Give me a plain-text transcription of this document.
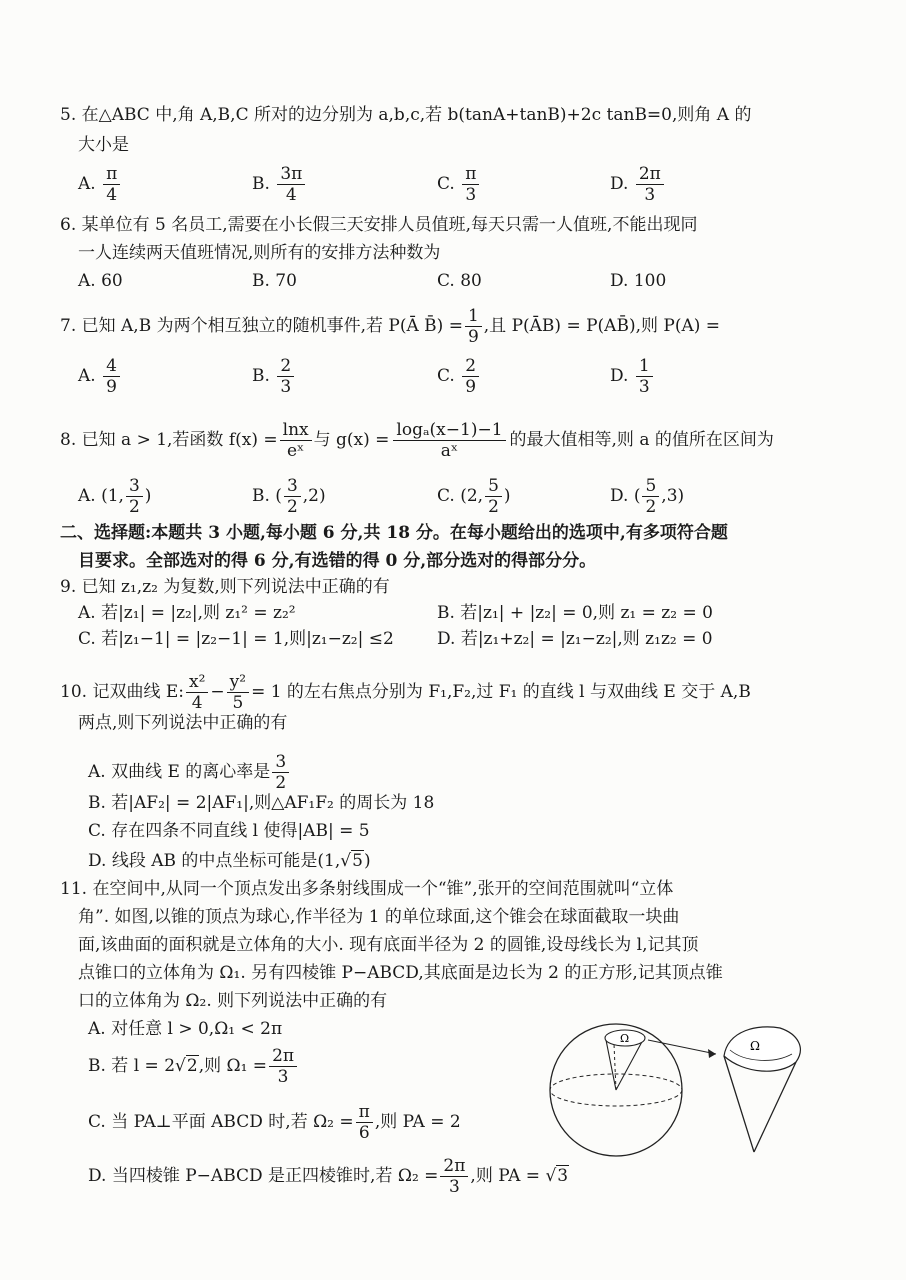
5. 在△ABC 中,角 A,B,C 所对的边分别为 a,b,c,若 b(tanA+tanB)+2c tanB=0,则角 A 的
大小是
A. $\frac{\pi}{4}$	B. $\frac{3\pi}{4}$	C. $\frac{\pi}{3}$	D. $\frac{2\pi}{3}$
6. 某单位有 5 名员工,需要在小长假三天安排人员值班,每天只需一人值班,不能出现同
一人连续两天值班情况,则所有的安排方法种数为
A. 60	B. 70	C. 80	D. 100
7. 已知 A,B 为两个相互独立的随机事件,若 P(Ā B̄) = $\frac{1}{9}$ ,且 P(ĀB) = P(AB̄),则 P(A) =
A. $\frac{4}{9}$	B. $\frac{2}{3}$	C. $\frac{2}{9}$	D. $\frac{1}{3}$
8. 已知 a > 1,若函数 $f(x) = \frac{\ln x}{\text{eˣ}}$ 与 $g(x) = \frac{\text{logₐ(x−1)−1}}{\text{aˣ}}$ 的最大值相等,则 a 的值所在区间为
A. (1, $\frac{3}{2}$ )	B. ( $\frac{3}{2} ,2$)	C. (2, $\frac{5}{2}$ )	D. ( $\frac{5}{2} ,3$)
二、选择题:本题共 3 小题,每小题 6 分,共 18 分。在每小题给出的选项中,有多项符合题
目要求。全部选对的得 6 分,有选错的得 0 分,部分选对的得部分分。
9. 已知 z₁,z₂ 为复数,则下列说法中正确的有
A. 若|z₁| = |z₂|,则 z₁² = z₂²	B. 若|z₁| + |z₂| = 0,则 z₁ = z₂ = 0
C. 若|z₁−1| = |z₂−1| = 1,则|z₁−z₂| ≤2	D. 若|z₁+z₂| = |z₁−z₂|,则 z₁z₂ = 0
10. 记双曲线 E: $\frac{\text{x²}}{4} - \frac{\text{y²}}{5} = 1$ 的左右焦点分别为 F₁,F₂,过 F₁ 的直线 l 与双曲线 E 交于 A,B
两点,则下列说法中正确的有
A. 双曲线 E 的离心率是 $\frac{3}{2}$
B. 若|AF₂| = 2|AF₁|,则△AF₁F₂ 的周长为 18
C. 存在四条不同直线 l 使得|AB| = 5
D. 线段 AB 的中点坐标可能是(1,√5)
11. 在空间中,从同一个顶点发出多条射线围成一个“锥”,张开的空间范围就叫“立体
角”. 如图,以锥的顶点为球心,作半径为 1 的单位球面,这个锥会在球面截取一块曲
面,该曲面的面积就是立体角的大小. 现有底面半径为 2 的圆锥,设母线长为 l,记其顶
点锥口的立体角为 Ω₁. 另有四棱锥 P−ABCD,其底面是边长为 2 的正方形,记其顶点锥
口的立体角为 Ω₂. 则下列说法中正确的有
A. 对任意 l > 0,Ω₁ < 2π
B. 若 l = 2√2,则 $\Omega_1 = \frac{2\pi}{3}$
C. 当 PA⊥平面 ABCD 时,若 $\Omega_2 = \frac{\pi}{6}$ ,则 PA = 2
D. 当四棱锥 P−ABCD 是正四棱锥时,若 $\Omega_2 = \frac{2\pi}{3}$ ,则 PA = √3
Ω
Ω
